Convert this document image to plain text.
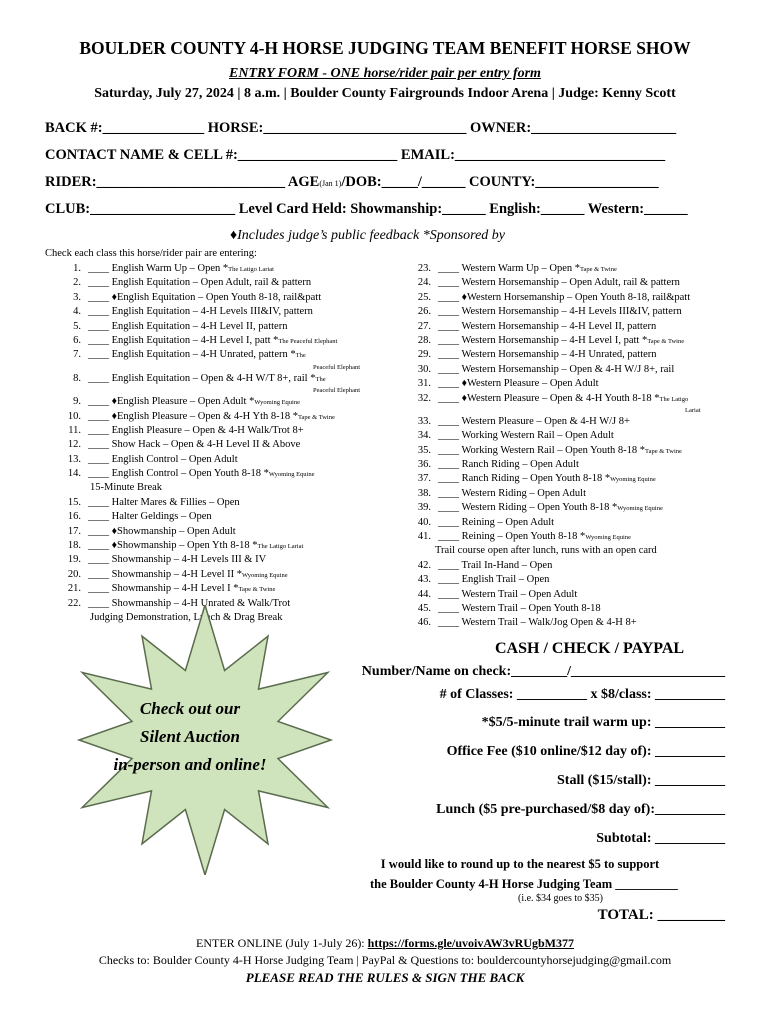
BOULDER COUNTY 4-H HORSE JUDGING TEAM BENEFIT HORSE SHOW
ENTRY FORM - ONE horse/rider pair per entry form
Saturday, July 27, 2024 | 8 a.m. | Boulder County Fairgrounds Indoor Arena | Judge: Kenny Scott
BACK #:______________ HORSE:____________________________ OWNER:____________________
CONTACT NAME & CELL #:______________________ EMAIL:_____________________________
RIDER:__________________________ AGE(Jan 1)/DOB:_____/______ COUNTY:_________________
CLUB:____________________ Level Card Held: Showmanship:______ English:______ Western:______
♦Includes judge’s public feedback *Sponsored by
Check each class this horse/rider pair are entering:
1. ____ English Warm Up – Open *The Latigo Lariat
2. ____ English Equitation – Open Adult, rail & pattern
3. ____ ♦English Equitation – Open Youth 8-18, rail&patt
4. ____ English Equitation – 4-H Levels III&IV, pattern
5. ____ English Equitation – 4-H Level II, pattern
6. ____ English Equitation – 4-H Level I, patt *The Peaceful Elephant
7. ____ English Equitation – 4-H Unrated, pattern *The
Peaceful Elephant
8. ____ English Equitation – Open & 4-H W/T 8+, rail *The
Peaceful Elephant
9. ____ ♦English Pleasure – Open Adult *Wyoming Equine
10. ____ ♦English Pleasure – Open & 4-H Yth 8-18 *Tape & Twine
11. ____ English Pleasure – Open & 4-H Walk/Trot 8+
12. ____ Show Hack – Open & 4-H Level II & Above
13. ____ English Control – Open Adult
14. ____ English Control – Open Youth 8-18 *Wyoming Equine
15-Minute Break
15. ____ Halter Mares & Fillies – Open
16. ____ Halter Geldings – Open
17. ____ ♦Showmanship – Open Adult
18. ____ ♦Showmanship – Open Yth 8-18 *The Latigo Lariat
19. ____ Showmanship – 4-H Levels III & IV
20. ____ Showmanship – 4-H Level II *Wyoming Equine
21. ____ Showmanship – 4-H Level I *Tape & Twine
22. ____ Showmanship – 4-H Unrated & Walk/Trot
Judging Demonstration, Lunch & Drag Break
23. ____ Western Warm Up – Open *Tape & Twine
24. ____ Western Horsemanship – Open Adult, rail & pattern
25. ____ ♦Western Horsemanship – Open Youth 8-18, rail&patt
26. ____ Western Horsemanship – 4-H Levels III&IV, pattern
27. ____ Western Horsemanship – 4-H Level II, pattern
28. ____ Western Horsemanship – 4-H Level I, patt *Tape & Twine
29. ____ Western Horsemanship – 4-H Unrated, pattern
30. ____ Western Horsemanship – Open & 4-H W/J 8+, rail
31. ____ ♦Western Pleasure – Open Adult
32. ____ ♦Western Pleasure – Open & 4-H Youth 8-18 *The Latigo
Lariat
33. ____ Western Pleasure – Open & 4-H W/J 8+
34. ____ Working Western Rail – Open Adult
35. ____ Working Western Rail – Open Youth 8-18 *Tape & Twine
36. ____ Ranch Riding – Open Adult
37. ____ Ranch Riding – Open Youth 8-18 *Wyoming Equine
38. ____ Western Riding – Open Adult
39. ____ Western Riding – Open Youth 8-18 *Wyoming Equine
40. ____ Reining – Open Adult
41. ____ Reining – Open Youth 8-18 *Wyoming Equine
Trail course open after lunch, runs with an open card
42. ____ Trail In-Hand – Open
43. ____ English Trail – Open
44. ____ Western Trail – Open Adult
45. ____ Western Trail – Open Youth 8-18
46. ____ Western Trail – Walk/Jog Open & 4-H 8+
Check out our
Silent Auction
in-person and online!
CASH / CHECK / PAYPAL
Number/Name on check:________/______________________
# of Classes: __________ x $8/class: __________
*$5/5-minute trail warm up: __________
Office Fee ($10 online/$12 day of): __________
Stall ($15/stall): __________
Lunch ($5 pre-purchased/$8 day of):__________
Subtotal: __________
I would like to round up to the nearest $5 to support
the Boulder County 4-H Horse Judging Team __________
(i.e. $34 goes to $35)
TOTAL: _________
ENTER ONLINE (July 1-July 26): https://forms.gle/uvoivAW3vRUgbM377
Checks to: Boulder County 4-H Horse Judging Team | PayPal & Questions to: bouldercountyhorsejudging@gmail.com
PLEASE READ THE RULES & SIGN THE BACK
